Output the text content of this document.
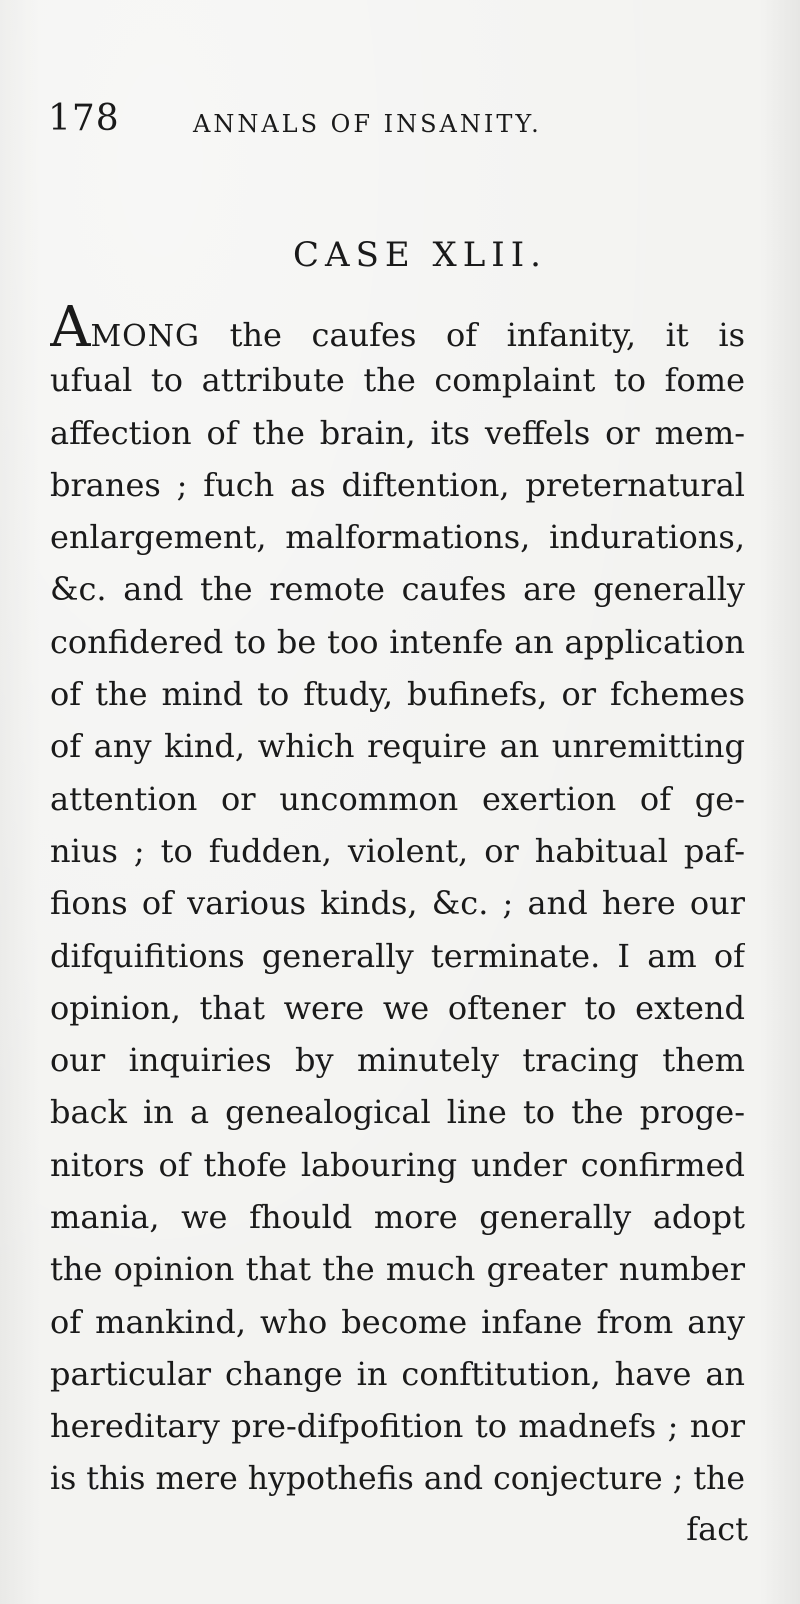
178	ANNALS OF INSANITY.
CASE XLII.
AMONG the caufes of infanity, it is
ufual to attribute the complaint to fome
affection of the brain, its veffels or mem-
branes ; fuch as diftention, preternatural
enlargement, malformations, indurations,
&c. and the remote caufes are generally
confidered to be too intenfe an application
of the mind to ftudy, bufinefs, or fchemes
of any kind, which require an unremitting
attention or uncommon exertion of ge-
nius ; to fudden, violent, or habitual paf-
fions of various kinds, &c. ; and here our
difquifitions generally terminate. I am of
opinion, that were we oftener to extend
our inquiries by minutely tracing them
back in a genealogical line to the proge-
nitors of thofe labouring under confirmed
mania, we fhould more generally adopt
the opinion that the much greater number
of mankind, who become infane from any
particular change in conftitution, have an
hereditary pre-difpofition to madnefs ; nor
is this mere hypothefis and conjecture ; the
fact
